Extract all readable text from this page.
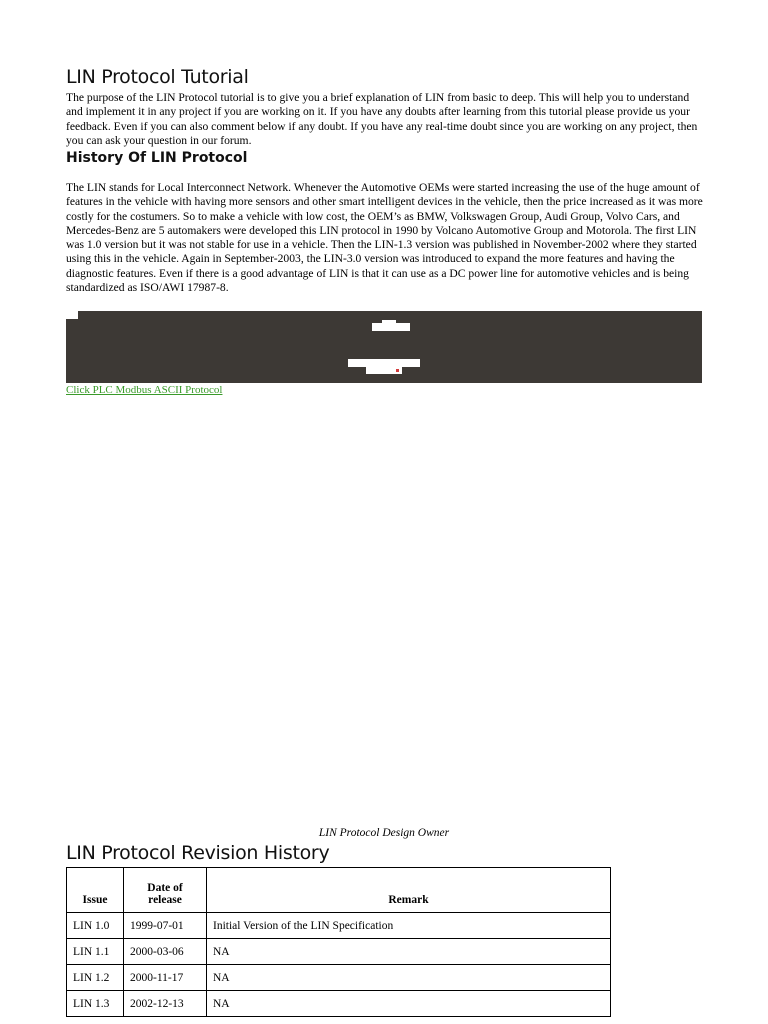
LIN Protocol Tutorial

The purpose of the LIN Protocol tutorial is to give you a brief explanation of LIN from basic to deep. This will help you to understand and implement it in any project if you are working on it. If you have any doubts after learning from this tutorial please provide us your feedback. Even if you can also comment below if any doubt. If you have any real-time doubt since you are working on any project, then you can ask your question in our forum.

History Of LIN Protocol

The LIN stands for Local Interconnect Network. Whenever the Automotive OEMs were started increasing the use of the huge amount of features in the vehicle with having more sensors and other smart intelligent devices in the vehicle, then the price increased as it was more costly for the costumers. So to make a vehicle with low cost, the OEM’s as BMW, Volkswagen Group, Audi Group, Volvo Cars, and Mercedes-Benz are 5 automakers were developed this LIN protocol in 1990 by Volcano Automotive Group and Motorola. The first LIN was 1.0 version but it was not stable for use in a vehicle. Then the LIN-1.3 version was published in November-2002 where they started using this in the vehicle. Again in September-2003, the LIN-3.0 version was introduced to expand the more features and having the diagnostic features. Even if there is a good advantage of LIN is that it can use as a DC power line for automotive vehicles and is being standardized as ISO/AWI 17987-8.

Click PLC Modbus ASCII Protocol
LIN Protocol Design Owner
LIN Protocol Revision History
Issue	Date of release	Remark
LIN 1.0	1999-07-01	Initial Version of the LIN Specification
LIN 1.1	2000-03-06	NA
LIN 1.2	2000-11-17	NA
LIN 1.3	2002-12-13	NA
